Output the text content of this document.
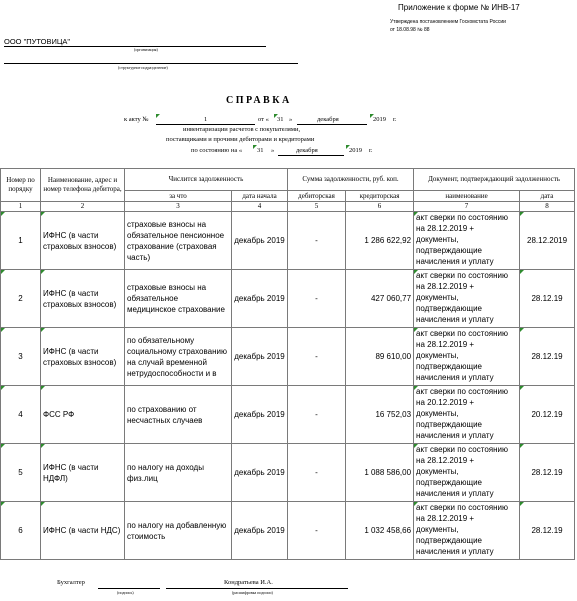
Приложение к форме № ИНВ-17
Утверждена постановлением Госкомстата России
от 18.08.98 № 88
ООО "ПУТОВИЦА"
(организация)
(структурное подразделение)
СПРАВКА
к акту №	1	от « 31 »	декабря	2019 г.
инвентаризации расчетов с покупателями,
поставщиками и прочими дебиторами и кредиторами
по состоянию на « 31 »	декабря	2019 г.
Номер по порядку	Наименование, адрес и номер телефона дебитора,	Числится задолженность		Сумма задолженности, руб. коп.		Документ, подтверждающий задолженность	
		за что	дата начала	дебиторская	кредиторская	наименование	дата
1	2	3	4	5	6	7	8

1	ИФНС (в части страховых взносов)	страховые взносы на обязательное пенсионное страхование (страховая часть)	декабрь 2019	-	1 286 622,92	акт сверки по состоянию на 28.12.2019 + документы, подтверждающие начисления и уплату	28.12.2019

2	ИФНС (в части страховых взносов)	страховые взносы на обязательное медицинское страхование	декабрь 2019	-	427 060,77	акт сверки по состоянию на 28.12.2019 + документы, подтверждающие начисления и уплату	28.12.19

3	ИФНС (в части страховых взносов)	по обязательному социальному страхованию на случай временной нетрудоспособности и в	декабрь 2019	-	89 610,00	акт сверки по состоянию на 28.12.2019 + документы, подтверждающие начисления и уплату	28.12.19

4	ФСС РФ	по страхованию от несчастных случаев	декабрь 2019	-	16 752,03	акт сверки по состоянию на 20.12.2019 + документы, подтверждающие начисления и уплату	20.12.19

5	ИФНС (в части НДФЛ)	по налогу на доходы физ.лиц	декабрь 2019	-	1 088 586,00	акт сверки по состоянию на 28.12.2019 + документы, подтверждающие начисления и уплату	28.12.19

6	ИФНС (в части НДС)	по налогу на добавленную стоимость	декабрь 2019	-	1 032 458,66	акт сверки по состоянию на 28.12.2019 + документы, подтверждающие начисления и уплату	28.12.19
Бухгалтер
(подпись)
Кондратьева И.А.
(расшифровка подписи)
